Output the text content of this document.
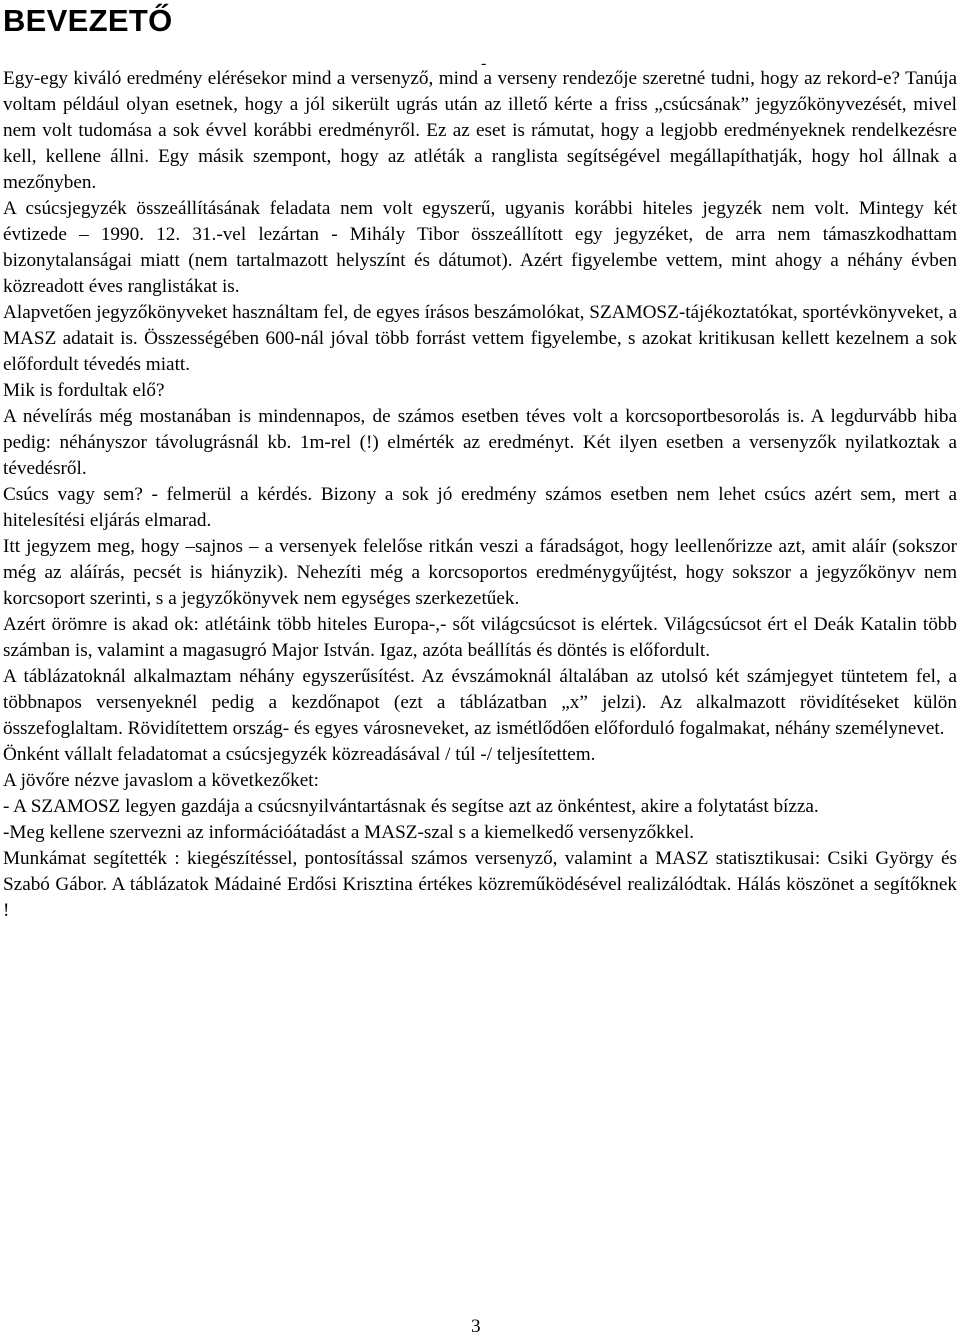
BEVEZETŐ
-

Egy-egy kiváló eredmény elérésekor mind a versenyző, mind a verseny rendezője szeretné tudni, hogy az rekord-e? Tanúja voltam például olyan esetnek, hogy a jól sikerült ugrás után az illető kérte a friss „csúcsának” jegyzőkönyvezését, mivel nem volt tudomása a sok évvel korábbi eredményről. Ez az eset is rámutat, hogy a legjobb eredményeknek rendelkezésre kell, kellene állni. Egy másik szempont, hogy az atléták a ranglista segítségével megállapíthatják, hogy hol állnak a mezőnyben.

A csúcsjegyzék összeállításának feladata nem volt egyszerű, ugyanis korábbi hiteles jegyzék nem volt. Mintegy két évtizede – 1990. 12. 31.-vel lezártan - Mihály Tibor összeállított egy jegyzéket, de arra nem támaszkodhattam bizonytalanságai miatt (nem tartalmazott helyszínt és dátumot). Azért figyelembe vettem, mint ahogy a néhány évben közreadott éves ranglistákat is.

Alapvetően jegyzőkönyveket használtam fel, de egyes írásos beszámolókat, SZAMOSZ-tájékoztatókat, sportévkönyveket, a MASZ adatait is. Összességében 600-nál jóval több forrást vettem figyelembe, s azokat kritikusan kellett kezelnem a sok előfordult tévedés miatt.

Mik is fordultak elő?

A névelírás még mostanában is mindennapos, de számos esetben téves volt a korcsoportbesorolás is. A legdurvább hiba pedig: néhányszor távolugrásnál kb. 1m-rel (!) elmérték az eredményt. Két ilyen esetben a versenyzők nyilatkoztak a tévedésről.

Csúcs vagy sem? - felmerül a kérdés. Bizony a sok jó eredmény számos esetben nem lehet csúcs azért sem, mert a hitelesítési eljárás elmarad.

Itt jegyzem meg, hogy –sajnos – a versenyek felelőse ritkán veszi a fáradságot, hogy leellenőrizze azt, amit aláír (sokszor még az aláírás, pecsét is hiányzik). Nehezíti még a korcsoportos eredménygyűjtést, hogy sokszor a jegyzőkönyv nem korcsoport szerinti, s a jegyzőkönyvek nem egységes szerkezetűek.

Azért örömre is akad ok: atlétáink több hiteles Europa-,- sőt világcsúcsot is elértek. Világcsúcsot ért el Deák Katalin több számban is, valamint a magasugró Major István. Igaz, azóta beállítás és döntés is előfordult.

A táblázatoknál alkalmaztam néhány egyszerűsítést. Az évszámoknál általában az utolsó két számjegyet tüntetem fel, a többnapos versenyeknél pedig a kezdőnapot (ezt a táblázatban „x” jelzi). Az alkalmazott rövidítéseket külön összefoglaltam. Rövidítettem ország- és egyes városneveket, az ismétlődően előforduló fogalmakat, néhány személynevet.

Önként vállalt feladatomat a csúcsjegyzék közreadásával / túl -/ teljesítettem.

A jövőre nézve javaslom a következőket:

- A SZAMOSZ legyen gazdája a csúcsnyilvántartásnak és segítse azt az önkéntest, akire a folytatást bízza.

-Meg kellene szervezni az információátadást a MASZ-szal s a kiemelkedő versenyzőkkel.

Munkámat segítették : kiegészítéssel, pontosítással számos versenyző, valamint a MASZ statisztikusai: Csiki György és Szabó Gábor. A táblázatok Mádainé Erdősi Krisztina értékes közreműködésével realizálódtak. Hálás köszönet a segítőknek !

3
